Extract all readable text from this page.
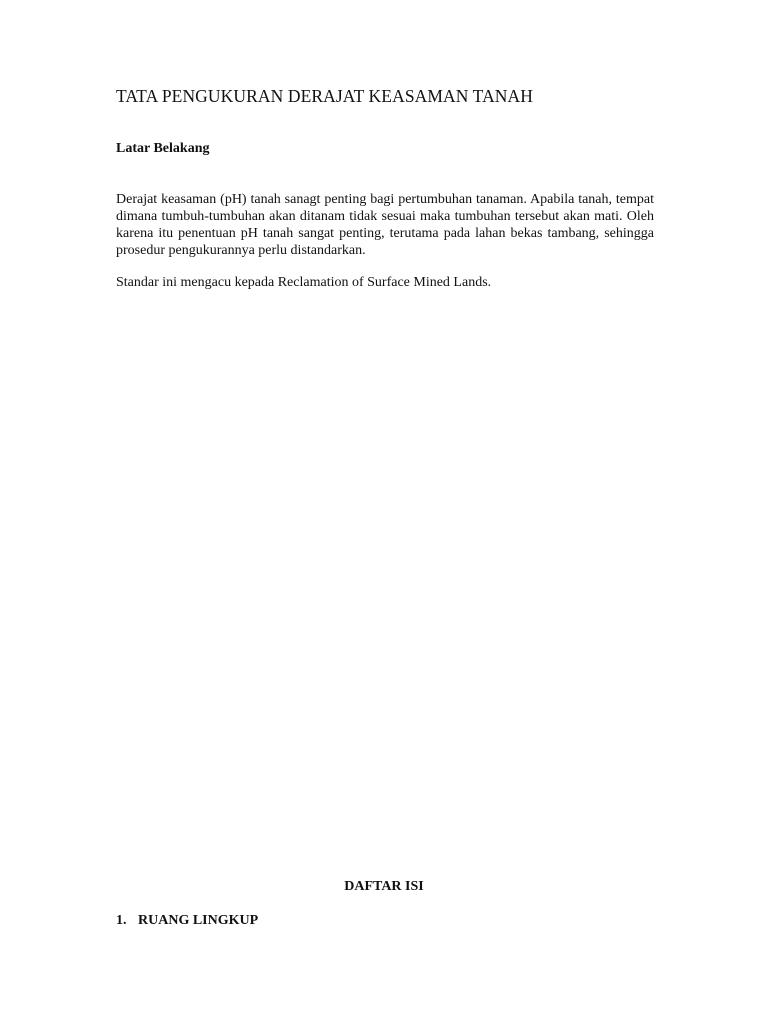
TATA PENGUKURAN DERAJAT KEASAMAN TANAH
Latar Belakang

Derajat keasaman (pH) tanah sanagt penting bagi pertumbuhan tanaman. Apabila tanah, tempat dimana tumbuh-tumbuhan akan ditanam tidak sesuai maka tumbuhan tersebut akan mati. Oleh karena itu penentuan pH tanah sangat penting, terutama pada lahan bekas tambang, sehingga prosedur pengukurannya perlu distandarkan.

Standar ini mengacu kepada Reclamation of Surface Mined Lands.

DAFTAR ISI
1. RUANG LINGKUP
